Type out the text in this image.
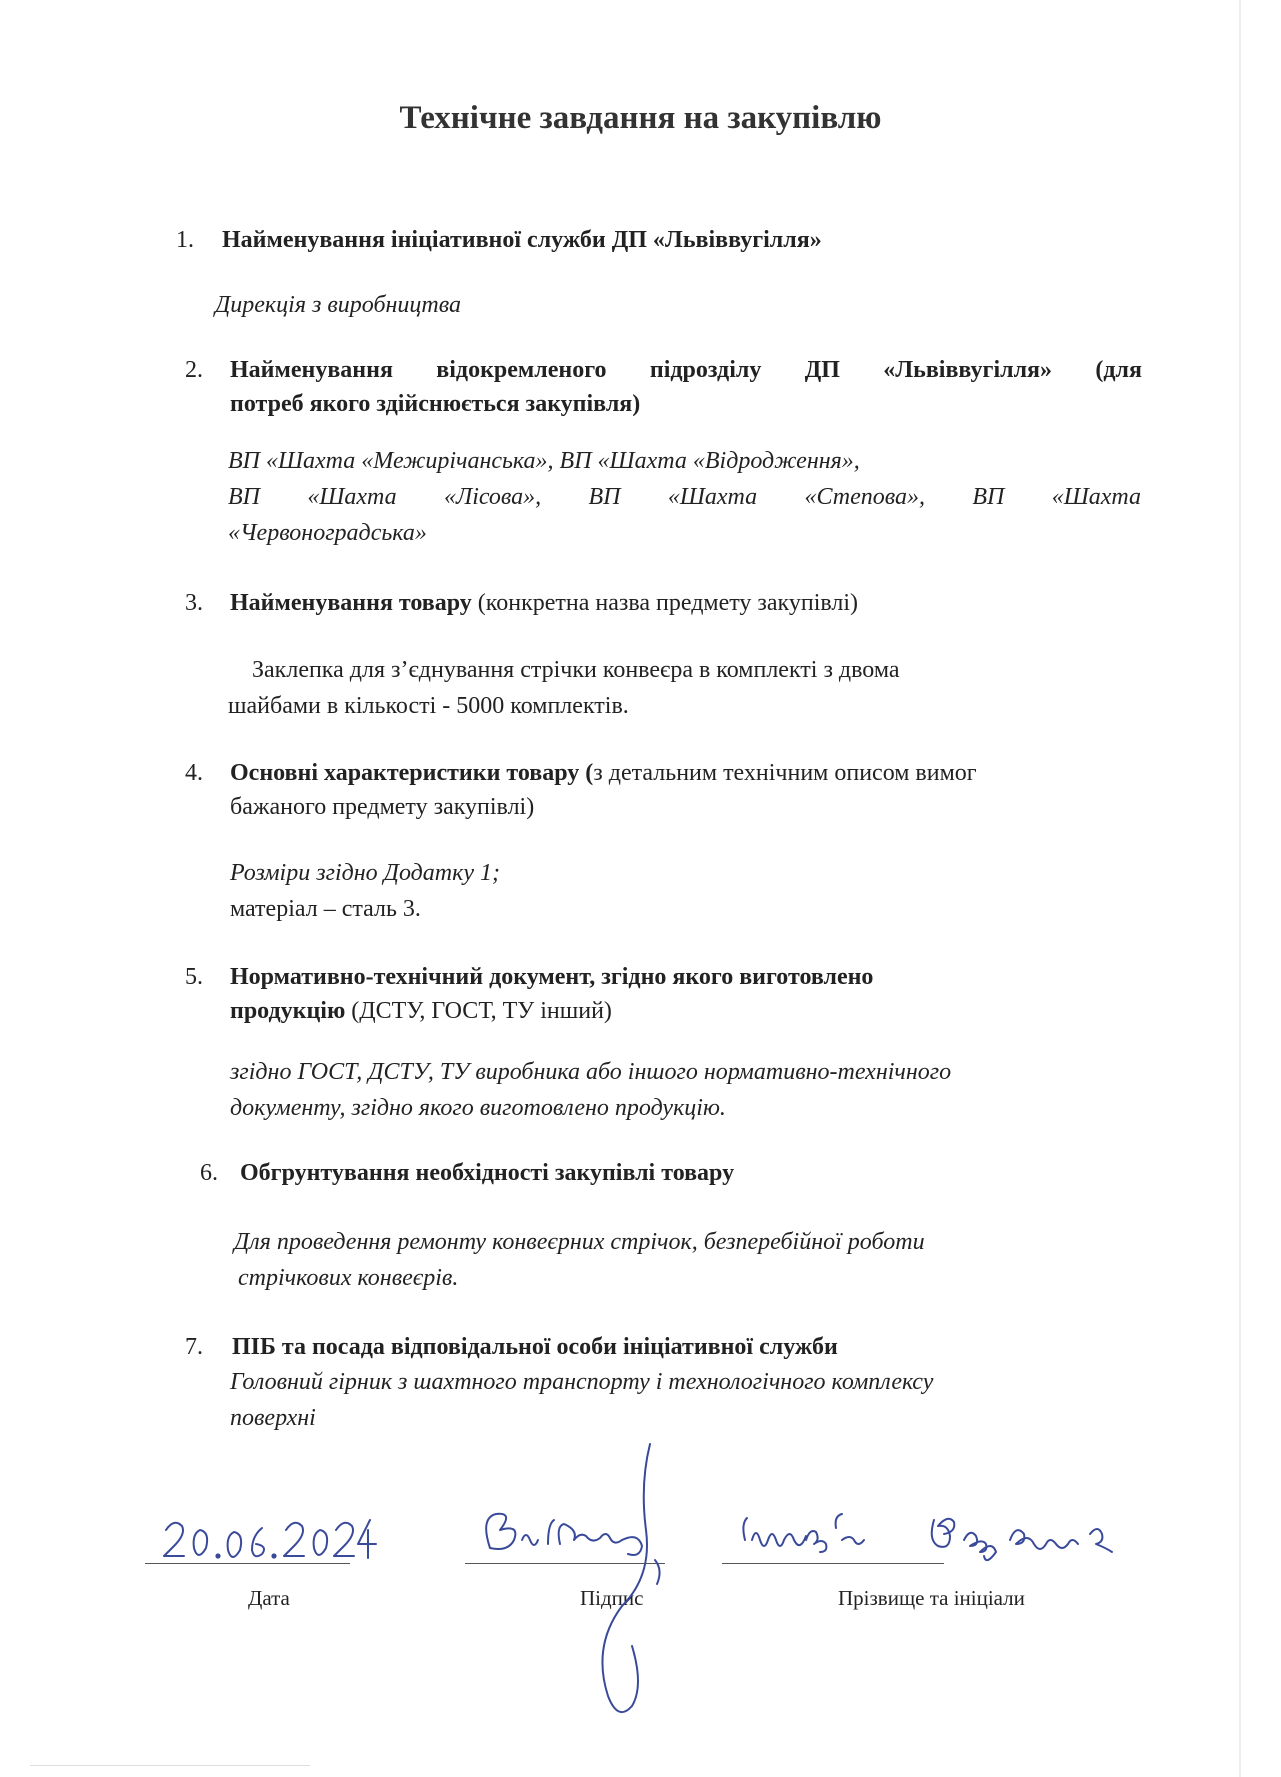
Технічне завдання на закупівлю
1. Найменування ініціативної служби ДП «Львіввугілля»
Дирекція з виробництва
2. Найменування відокремленого підрозділу ДП «Львіввугілля» (для
потреб якого здійснюється закупівля)
ВП «Шахта «Межирічанська», ВП «Шахта «Відродження»,
ВП «Шахта «Лісова», ВП «Шахта «Степова», ВП «Шахта
«Червоноградська»
3. Найменування товару (конкретна назва предмету закупівлі)
Заклепка для з’єднування стрічки конвеєра в комплекті з двома
шайбами в кількості - 5000 комплектів.
4. Основні характеристики товару (з детальним технічним описом вимог
бажаного предмету закупівлі)
Розміри згідно Додатку 1;
матеріал – сталь 3.
5. Нормативно-технічний документ, згідно якого виготовлено
продукцію (ДСТУ, ГОСТ, ТУ інший)
згідно ГОСТ, ДСТУ, ТУ виробника або іншого нормативно-технічного
документу, згідно якого виготовлено продукцію.
6. Обгрунтування необхідності закупівлі товару
Для проведення ремонту конвеєрних стрічок, безперебійної роботи
стрічкових конвеєрів.
7. ПІБ та посада відповідальної особи ініціативної служби
Головний гірник з шахтного транспорту і технологічного комплексу
поверхні
Дата	Підпис	Прізвище та ініціали
